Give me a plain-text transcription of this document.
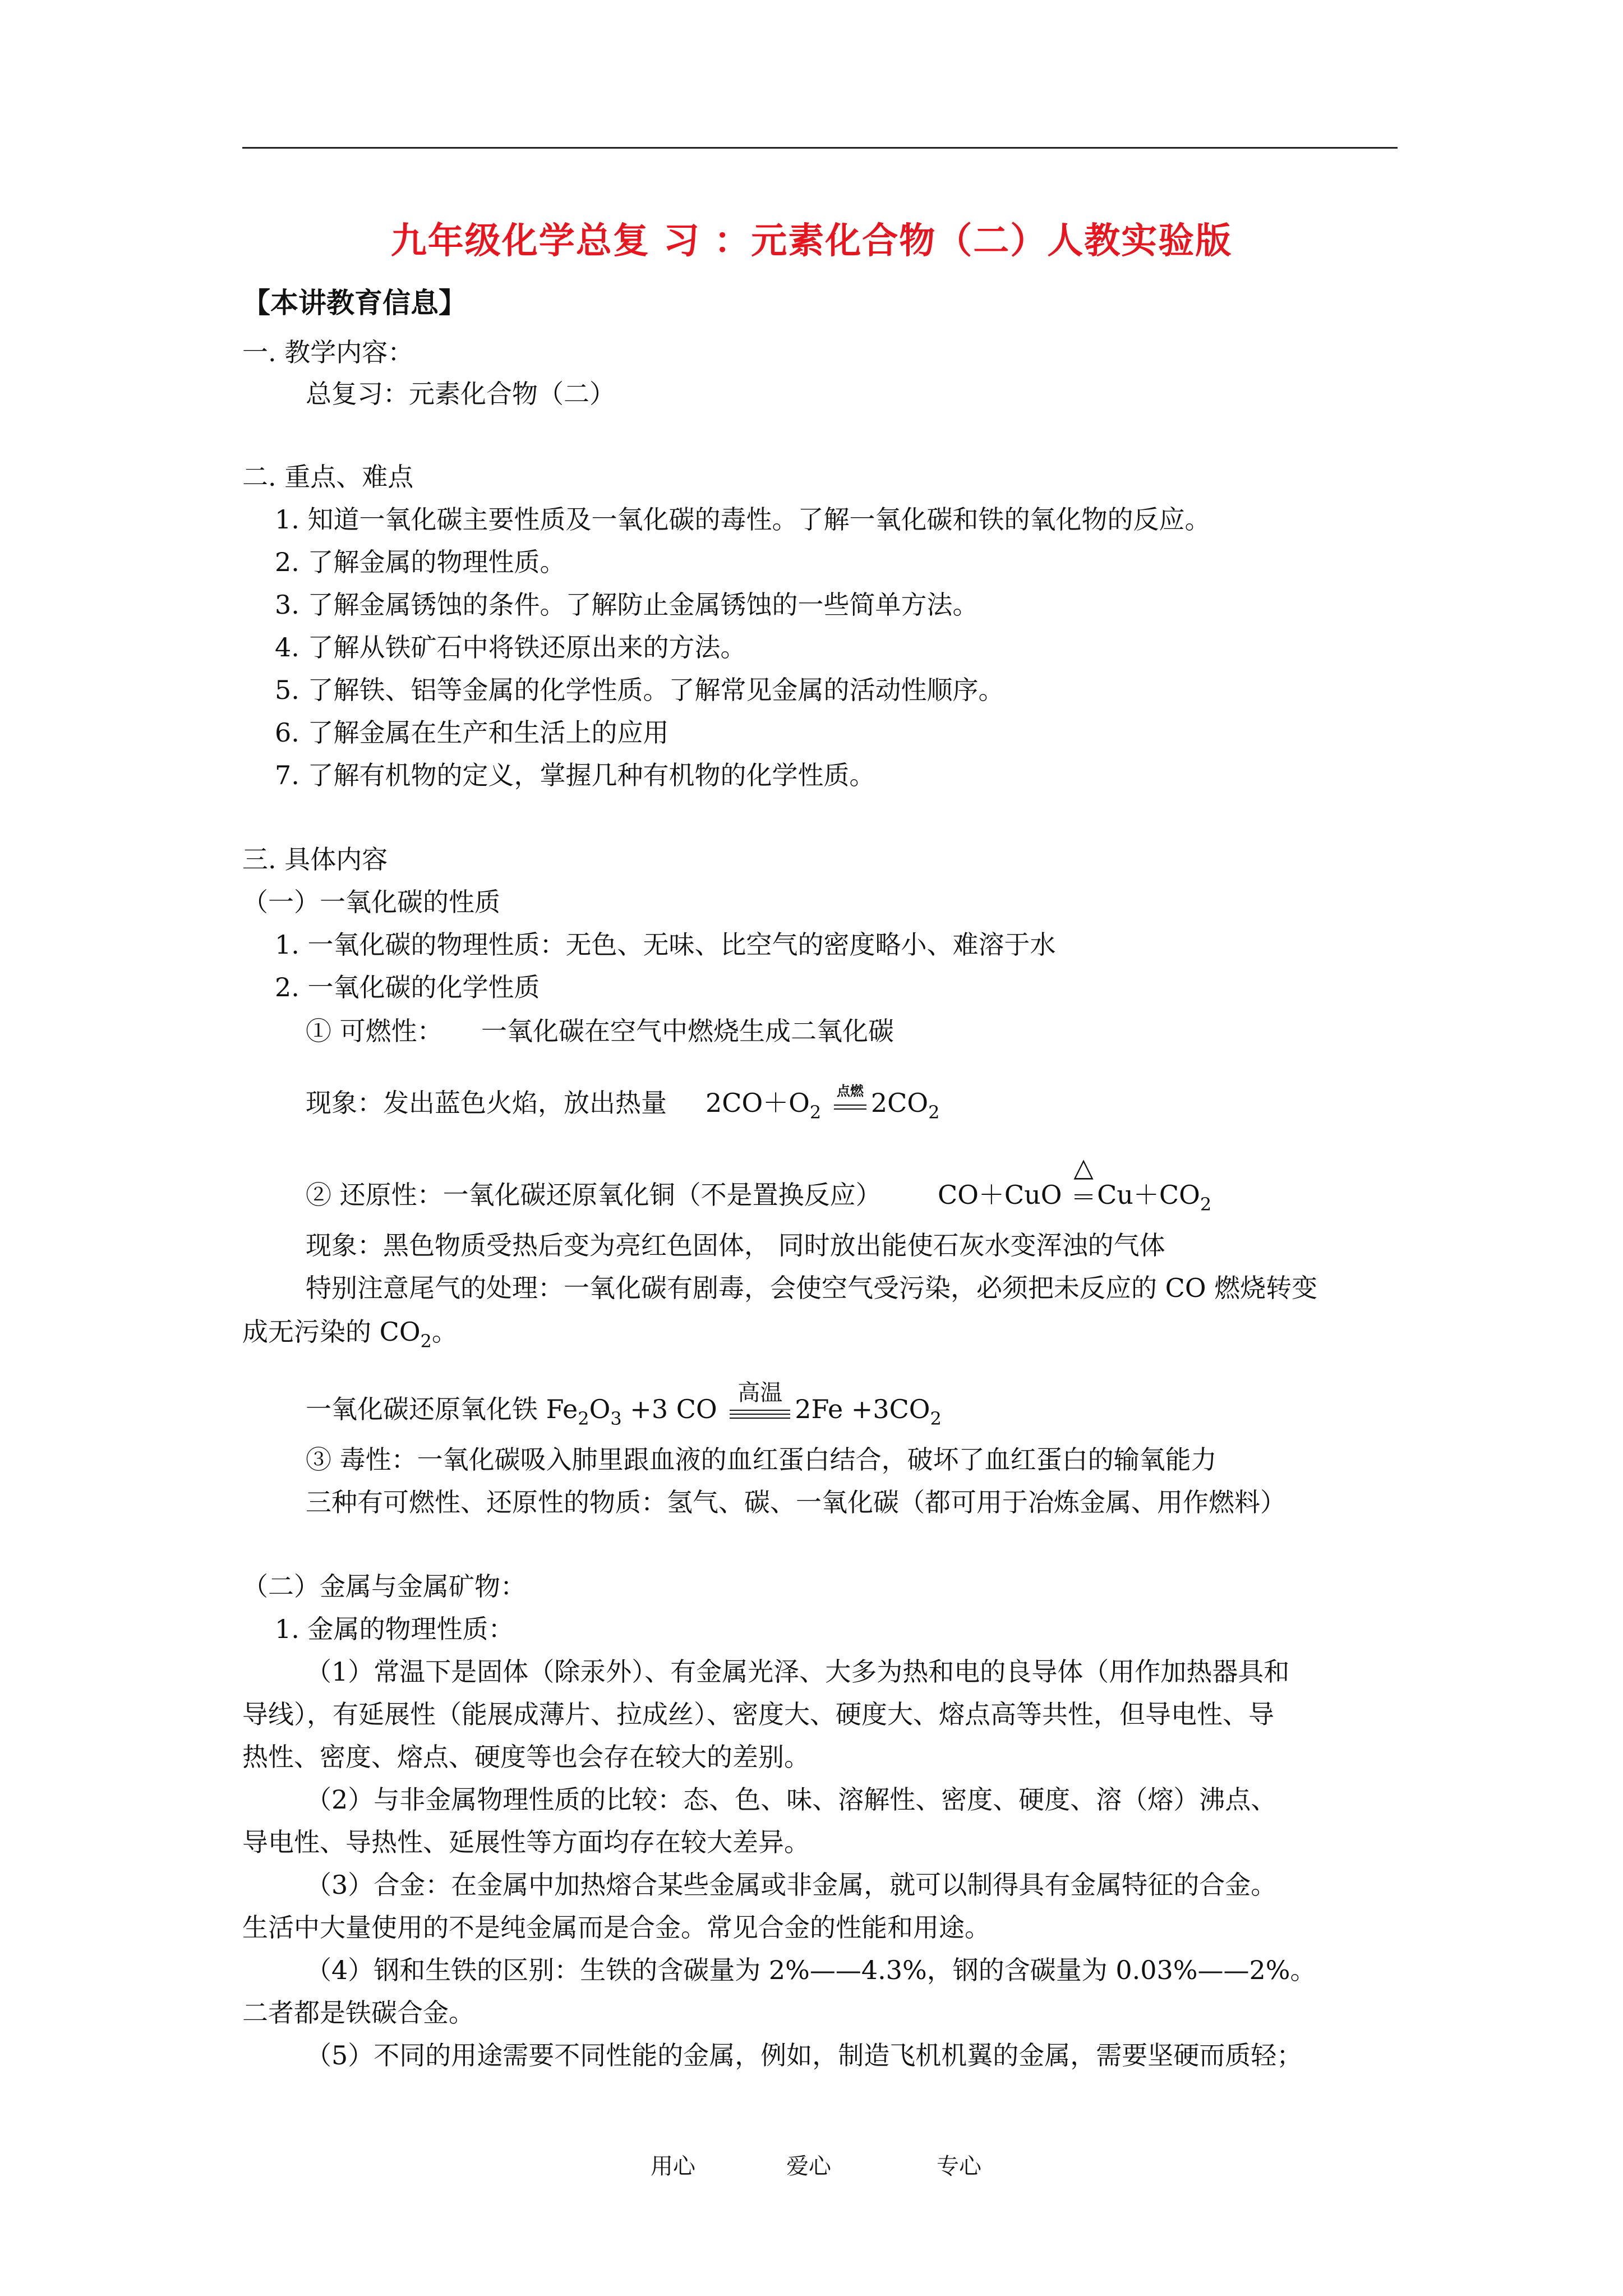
九年级化学总复 习 ：元素化合物（二）人教实验版
【本讲教育信息】
一. 教学内容：
总复习：元素化合物（二）
二. 重点、难点
1. 知道一氧化碳主要性质及一氧化碳的毒性。了解一氧化碳和铁的氧化物的反应。
2. 了解金属的物理性质。
3. 了解金属锈蚀的条件。了解防止金属锈蚀的一些简单方法。
4. 了解从铁矿石中将铁还原出来的方法。
5. 了解铁、铝等金属的化学性质。了解常见金属的活动性顺序。
6. 了解金属在生产和生活上的应用
7. 了解有机物的定义，掌握几种有机物的化学性质。
三. 具体内容
（一）一氧化碳的性质
1. 一氧化碳的物理性质：无色、无味、比空气的密度略小、难溶于水
2. 一氧化碳的化学性质
① 可燃性： 一氧化碳在空气中燃烧生成二氧化碳
现象：发出蓝色火焰，放出热量 $2CO+O_2$
点燃 $2CO_2$
② 还原性：一氧化碳还原氧化铜（不是置换反应） CO＋CuO
△
$Cu+CO_2$
现象：黑色物质受热后变为亮红色固体， 同时放出能使石灰水变浑浊的气体
特别注意尾气的处理：一氧化碳有剧毒，会使空气受污染，必须把未反应的 CO 燃烧转变
成无污染的 $CO_2$。
一氧化碳还原氧化铁 $Fe_2O_3 +3$ CO
高温
$2Fe +3CO_2$
③ 毒性：一氧化碳吸入肺里跟血液的血红蛋白结合，破坏了血红蛋白的输氧能力
三种有可燃性、还原性的物质：氢气、碳、一氧化碳（都可用于冶炼金属、用作燃料）
（二）金属与金属矿物：
1. 金属的物理性质：
（1）常温下是固体（除汞外）、有金属光泽、大多为热和电的良导体（用作加热器具和
导线），有延展性（能展成薄片、拉成丝）、密度大、硬度大、熔点高等共性，但导电性、导
热性、密度、熔点、硬度等也会存在较大的差别。
（2）与非金属物理性质的比较：态、色、味、溶解性、密度、硬度、溶（熔）沸点、
导电性、导热性、延展性等方面均存在较大差异。
（3）合金：在金属中加热熔合某些金属或非金属，就可以制得具有金属特征的合金。
生活中大量使用的不是纯金属而是合金。常见合金的性能和用途。
（4）钢和生铁的区别：生铁的含碳量为 2%——4.3%，钢的含碳量为 0.03%——2%。
二者都是铁碳合金。
（5）不同的用途需要不同性能的金属，例如，制造飞机机翼的金属，需要坚硬而质轻；
用心	爱心	专心
